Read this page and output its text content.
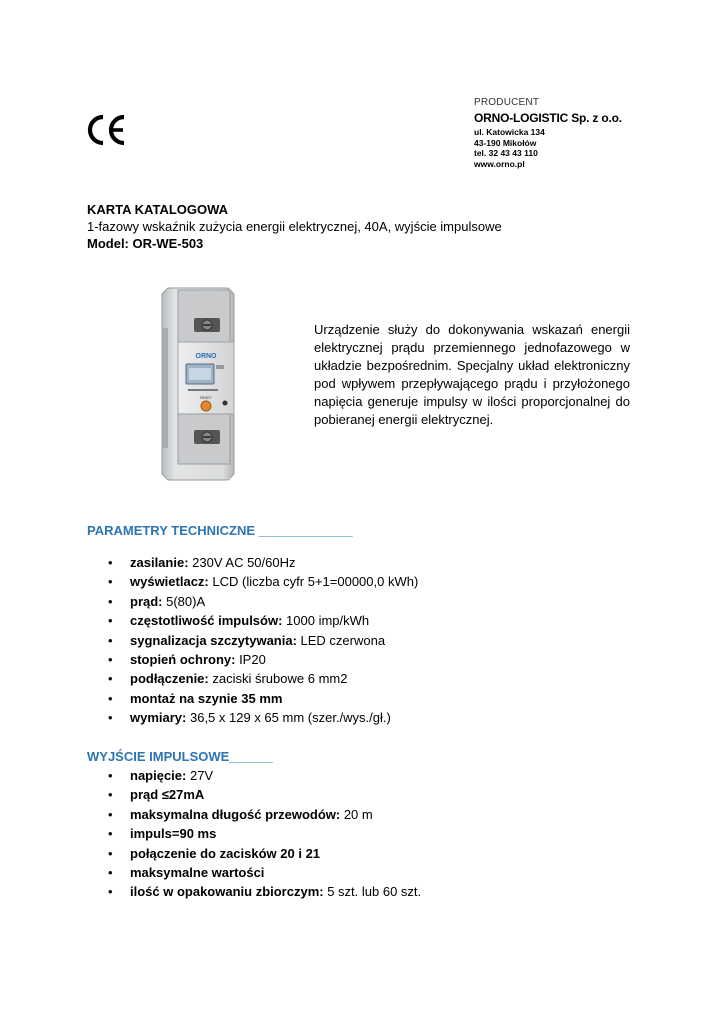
PRODUCENT
ORNO-LOGISTIC Sp. z o.o.
ul. Katowicka 134
43-190 Mikołów
tel. 32 43 43 110
www.orno.pl
KARTA KATALOGOWA
1-fazowy wskaźnik zużycia energii elektrycznej, 40A, wyjście impulsowe
Model: OR-WE-503
ORNO
RESET
Urządzenie służy do dokonywania wskazań energii elektrycznej prądu przemiennego jednofazowego w układzie bezpośrednim. Specjalny układ elektroniczny pod wpływem przepływającego prądu i przyłożonego napięcia generuje impulsy w ilości proporcjonalnej do pobieranej energii elektrycznej.
PARAMETRY TECHNICZNE _____________
• zasilanie: 230V AC 50/60Hz
• wyświetlacz: LCD (liczba cyfr 5+1=00000,0 kWh)
• prąd: 5(80)A
• częstotliwość impulsów: 1000 imp/kWh
• sygnalizacja szczytywania: LED czerwona
• stopień ochrony: IP20
• podłączenie: zaciski śrubowe 6 mm2
• montaż na szynie 35 mm
• wymiary: 36,5 x 129 x 65 mm (szer./wys./gł.)
WYJŚCIE IMPULSOWE______
• napięcie: 27V
• prąd ≤27mA
• maksymalna długość przewodów: 20 m
• impuls=90 ms
• połączenie do zacisków 20 i 21
• maksymalne wartości
• ilość w opakowaniu zbiorczym: 5 szt. lub 60 szt.
